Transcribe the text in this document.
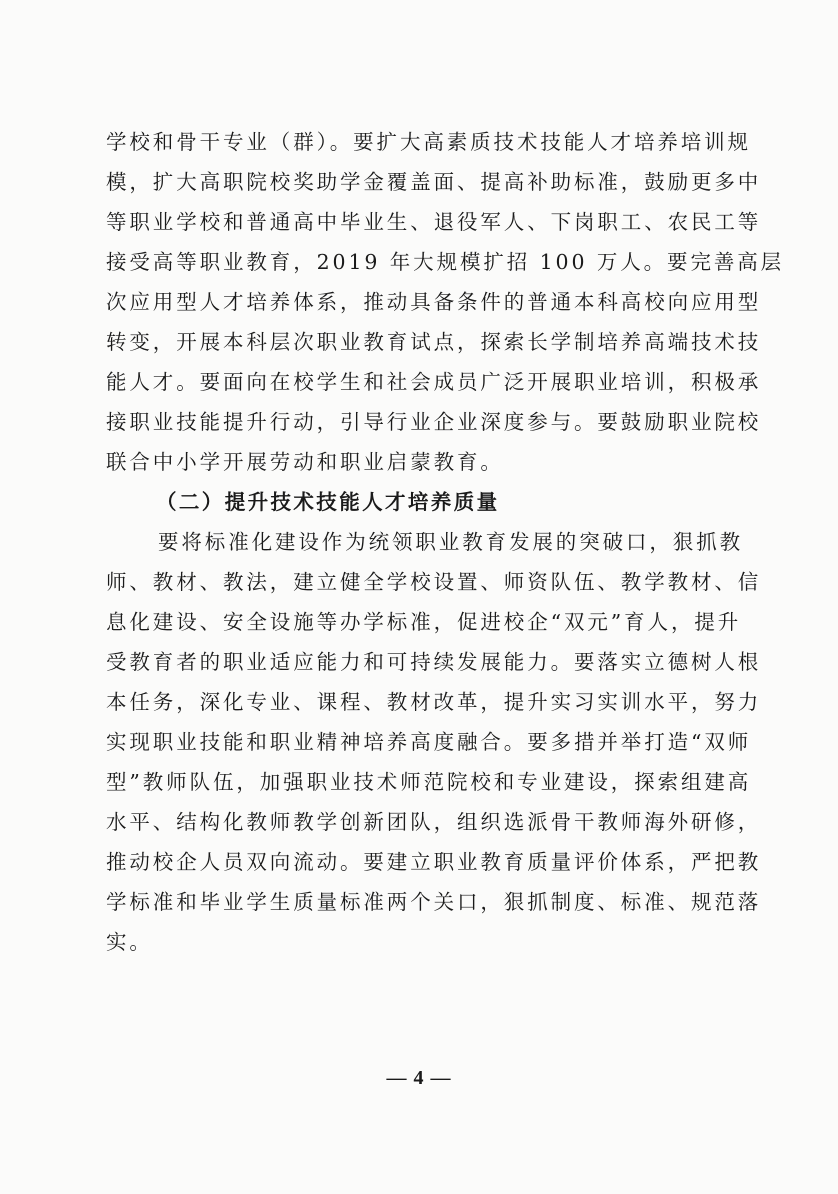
学校和骨干专业（群）。要扩大高素质技术技能人才培养培训规
模，扩大高职院校奖助学金覆盖面、提高补助标准，鼓励更多中
等职业学校和普通高中毕业生、退役军人、下岗职工、农民工等
接受高等职业教育，2019 年大规模扩招 100 万人。要完善高层
次应用型人才培养体系，推动具备条件的普通本科高校向应用型
转变，开展本科层次职业教育试点，探索长学制培养高端技术技
能人才。要面向在校学生和社会成员广泛开展职业培训，积极承
接职业技能提升行动，引导行业企业深度参与。要鼓励职业院校
联合中小学开展劳动和职业启蒙教育。
（二）提升技术技能人才培养质量
要将标准化建设作为统领职业教育发展的突破口，狠抓教
师、教材、教法，建立健全学校设置、师资队伍、教学教材、信
息化建设、安全设施等办学标准，促进校企“双元”育人，提升
受教育者的职业适应能力和可持续发展能力。要落实立德树人根
本任务，深化专业、课程、教材改革，提升实习实训水平，努力
实现职业技能和职业精神培养高度融合。要多措并举打造“双师
型”教师队伍，加强职业技术师范院校和专业建设，探索组建高
水平、结构化教师教学创新团队，组织选派骨干教师海外研修，
推动校企人员双向流动。要建立职业教育质量评价体系，严把教
学标准和毕业学生质量标准两个关口，狠抓制度、标准、规范落
实。
— 4 —
